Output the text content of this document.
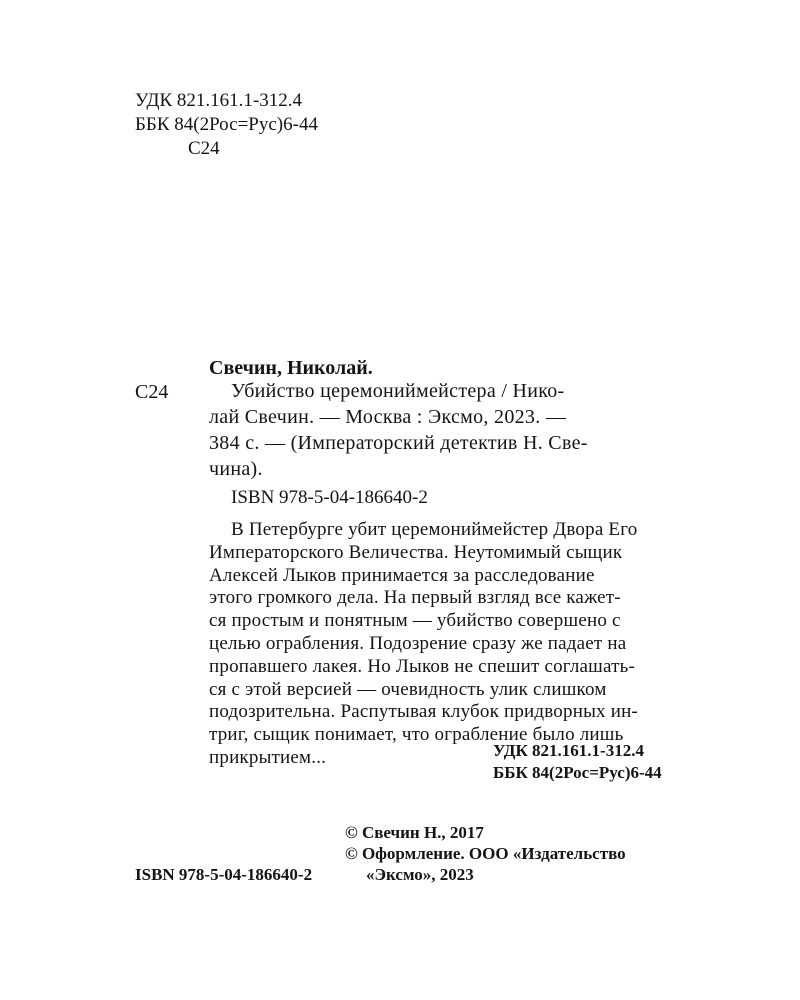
УДК 821.161.1-312.4
ББК 84(2Рос=Рус)6-44
С24
Свечин, Николай.
С24	Убийство церемониймейстера / Нико-
лай Свечин. — Москва : Эксмо, 2023. —
384 с. — (Императорский детектив Н. Све-
чина).
ISBN 978-5-04-186640-2
В Петербурге убит церемониймейстер Двора Его
Императорского Величества. Неутомимый сыщик
Алексей Лыков принимается за расследование
этого громкого дела. На первый взгляд все кажет-
ся простым и понятным — убийство совершено с
целью ограбления. Подозрение сразу же падает на
пропавшего лакея. Но Лыков не спешит соглашать-
ся с этой версией — очевидность улик слишком
подозрительна. Распутывая клубок придворных ин-
триг, сыщик понимает, что ограбление было лишь
прикрытием...	УДК 821.161.1-312.4
ББК 84(2Рос=Рус)6-44
ISBN 978-5-04-186640-2
© Свечин Н., 2017
© Оформление. ООО «Издательство
«Эксмо», 2023
